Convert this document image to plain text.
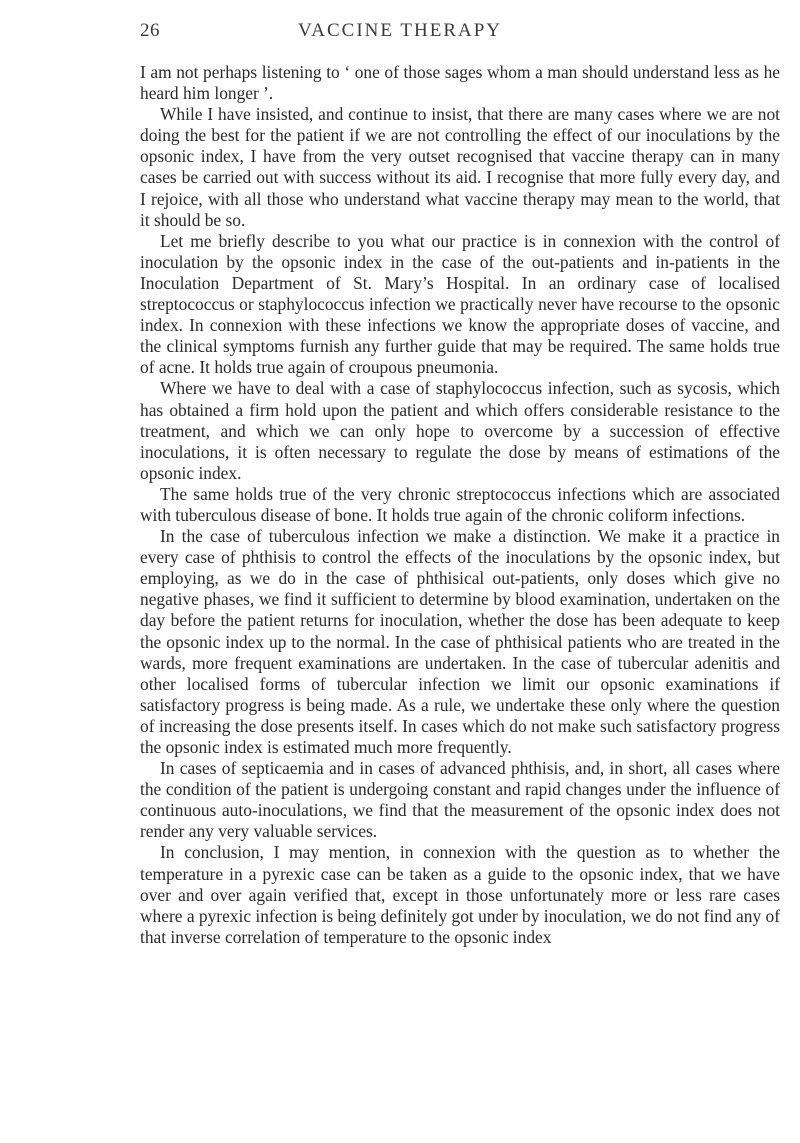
26	VACCINE THERAPY

I am not perhaps listening to ‘ one of those sages whom a man should understand less as he heard him longer ’.

While I have insisted, and continue to insist, that there are many cases where we are not doing the best for the patient if we are not controlling the effect of our inoculations by the opsonic index, I have from the very outset recognised that vaccine therapy can in many cases be carried out with success without its aid. I recognise that more fully every day, and I rejoice, with all those who understand what vaccine therapy may mean to the world, that it should be so.

Let me briefly describe to you what our practice is in connexion with the control of inoculation by the opsonic index in the case of the out-patients and in-patients in the Inoculation Department of St. Mary’s Hospital. In an ordinary case of localised streptococcus or staphylococcus infection we practically never have recourse to the opsonic index. In connexion with these infections we know the appropriate doses of vaccine, and the clinical symptoms furnish any further guide that may be required. The same holds true of acne. It holds true again of croupous pneumonia.

Where we have to deal with a case of staphylococcus infection, such as sycosis, which has obtained a firm hold upon the patient and which offers considerable resistance to the treatment, and which we can only hope to overcome by a succession of effective inoculations, it is often necessary to regulate the dose by means of estimations of the opsonic index.

The same holds true of the very chronic streptococcus infections which are associated with tuberculous disease of bone. It holds true again of the chronic coliform infections.

In the case of tuberculous infection we make a distinction. We make it a practice in every case of phthisis to control the effects of the inoculations by the opsonic index, but employing, as we do in the case of phthisical out-patients, only doses which give no negative phases, we find it sufficient to determine by blood examination, undertaken on the day before the patient returns for inoculation, whether the dose has been adequate to keep the opsonic index up to the normal. In the case of phthisical patients who are treated in the wards, more frequent examinations are undertaken. In the case of tubercular adenitis and other localised forms of tubercular infection we limit our opsonic examinations if satisfactory progress is being made. As a rule, we undertake these only where the question of increasing the dose presents itself. In cases which do not make such satisfactory progress the opsonic index is estimated much more frequently.

In cases of septicaemia and in cases of advanced phthisis, and, in short, all cases where the condition of the patient is undergoing constant and rapid changes under the influence of continuous auto-inoculations, we find that the measurement of the opsonic index does not render any very valuable services.

In conclusion, I may mention, in connexion with the question as to whether the temperature in a pyrexic case can be taken as a guide to the opsonic index, that we have over and over again verified that, except in those unfortunately more or less rare cases where a pyrexic infection is being definitely got under by inoculation, we do not find any of that inverse correlation of temperature to the opsonic index
